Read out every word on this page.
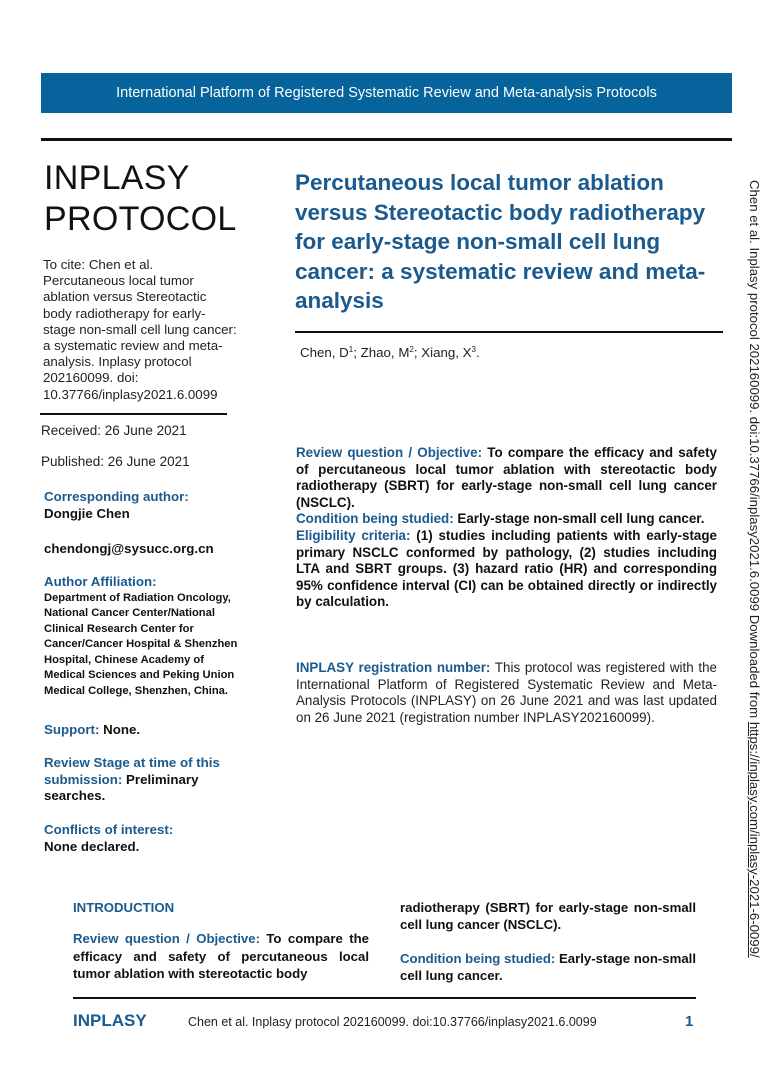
International Platform of Registered Systematic Review and Meta-analysis Protocols
INPLASY
PROTOCOL
To cite: Chen et al. Percutaneous local tumor ablation versus Stereotactic body radiotherapy for early-stage non-small cell lung cancer: a systematic review and meta-analysis. Inplasy protocol 202160099. doi: 10.37766/inplasy2021.6.0099
Received: 26 June 2021
Published: 26 June 2021
Corresponding author:
Dongjie Chen
chendongj@sysucc.org.cn
Author Affiliation:
Department of Radiation Oncology, National Cancer Center/National Clinical Research Center for Cancer/Cancer Hospital & Shenzhen Hospital, Chinese Academy of Medical Sciences and Peking Union Medical College, Shenzhen, China.
Support: None.
Review Stage at time of this submission: Preliminary searches.
Conflicts of interest:
None declared.
Percutaneous local tumor ablation versus Stereotactic body radiotherapy for early-stage non-small cell lung cancer: a systematic review and meta-analysis
Chen, $D^1$; Zhao, $M^2$; Xiang, $X^3$.
Review question / Objective: To compare the efficacy and safety of percutaneous local tumor ablation with stereotactic body radiotherapy (SBRT) for early-stage non-small cell lung cancer (NSCLC).
Condition being studied: Early-stage non-small cell lung cancer.
Eligibility criteria: (1) studies including patients with early-stage primary NSCLC conformed by pathology, (2) studies including LTA and SBRT groups. (3) hazard ratio (HR) and corresponding 95% confidence interval (CI) can be obtained directly or indirectly by calculation.
INPLASY registration number: This protocol was registered with the International Platform of Registered Systematic Review and Meta-Analysis Protocols (INPLASY) on 26 June 2021 and was last updated on 26 June 2021 (registration number INPLASY202160099).
INTRODUCTION
Review question / Objective: To compare the efficacy and safety of percutaneous local tumor ablation with stereotactic body
radiotherapy (SBRT) for early-stage non-small cell lung cancer (NSCLC).
Condition being studied: Early-stage non-small cell lung cancer.
INPLASY	Chen et al. Inplasy protocol 202160099. doi:10.37766/inplasy2021.6.0099	1
Chen et al. Inplasy protocol 202160099. doi:10.37766/inplasy2021.6.0099 Downloaded from https://inplasy.com/inplasy-2021-6-0099/
